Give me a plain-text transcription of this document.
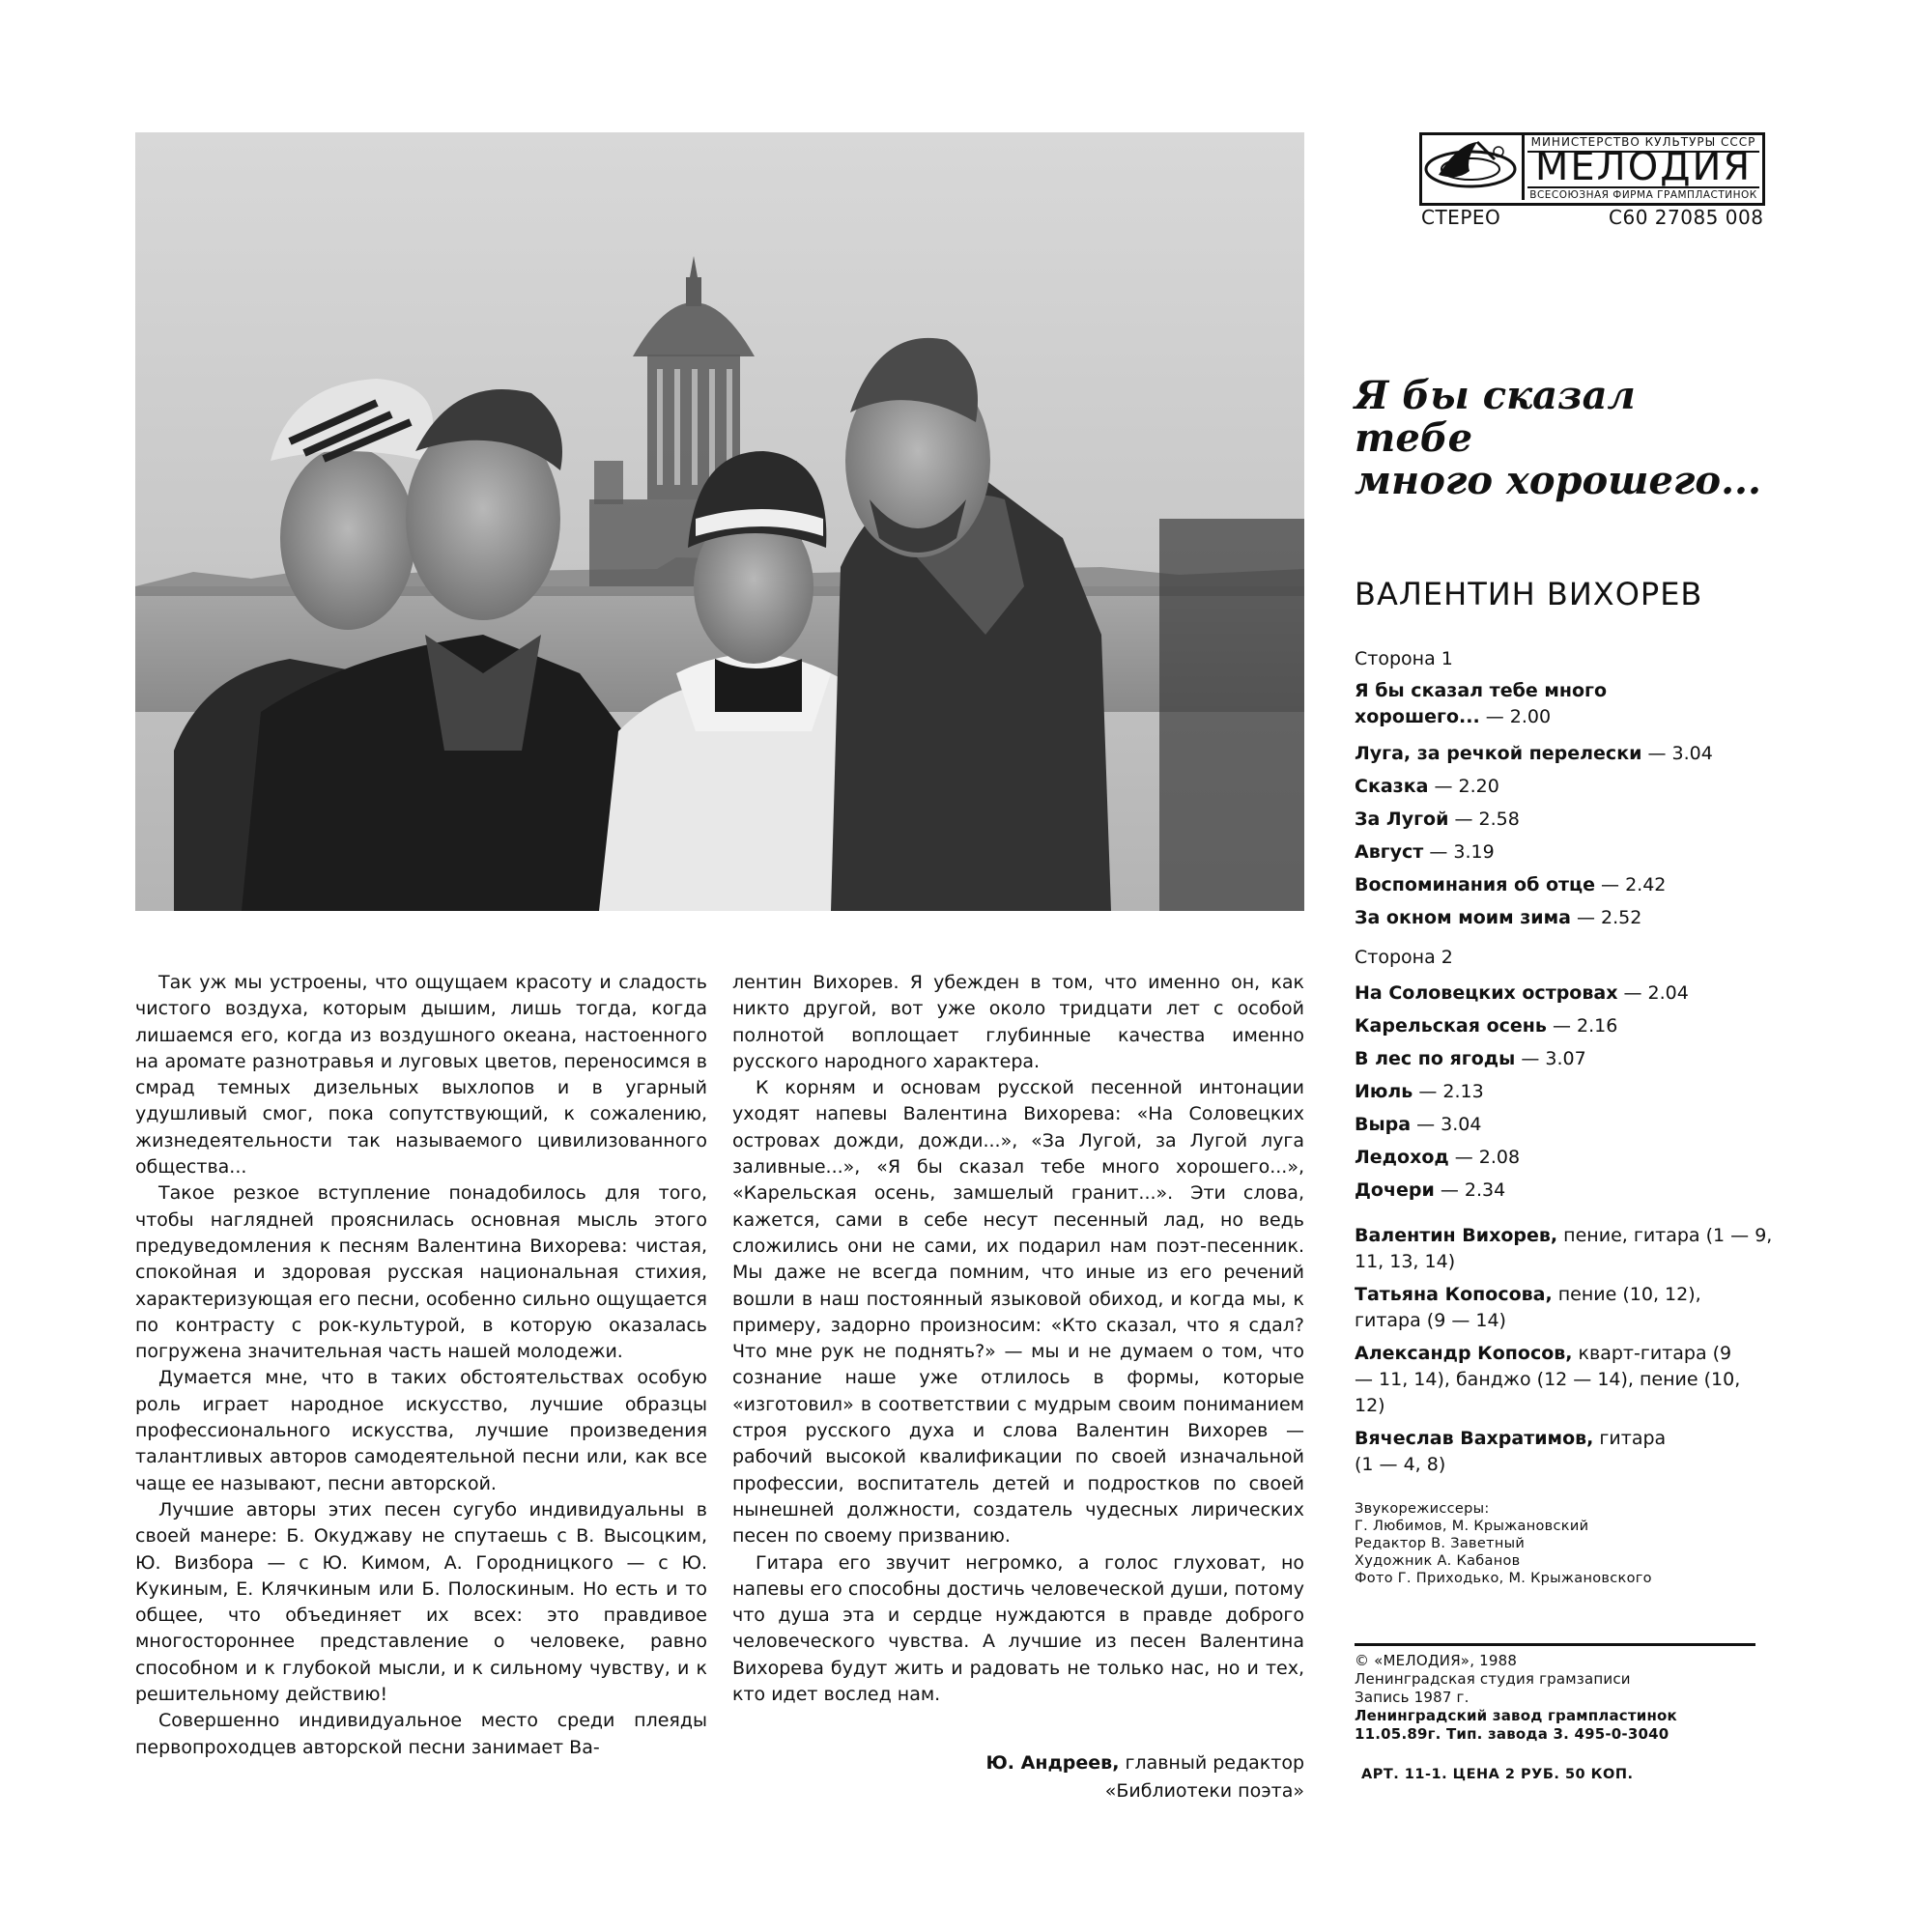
МИНИСТЕРСТВО КУЛЬТУРЫ СССР
МЕЛОДИЯ
ВСЕСОЮЗНАЯ ФИРМА ГРАМПЛАСТИНОК
СТЕРЕО	С60 27085 008
Я бы сказал
тебе
много хорошего...
ВАЛЕНТИН ВИХОРЕВ
Сторона 1
Я бы сказал тебе много хорошего... — 2.00
Луга, за речкой перелески — 3.04
Сказка — 2.20
За Лугой — 2.58
Август — 3.19
Воспоминания об отце — 2.42
За окном моим зима — 2.52
Сторона 2
На Соловецких островах — 2.04
Карельская осень — 2.16
В лес по ягоды — 3.07
Июль — 2.13
Выра — 3.04
Ледоход — 2.08
Дочери — 2.34
Валентин Вихорев, пение, гитара (1 — 9, 11, 13, 14)
Татьяна Копосова, пение (10, 12), гитара (9 — 14)
Александр Копосов, кварт-гитара (9 — 11, 14), банджо (12 — 14), пение (10, 12)
Вячеслав Вахратимов, гитара (1 — 4, 8)
Звукорежиссеры:
Г. Любимов, М. Крыжановский
Редактор В. Заветный
Художник А. Кабанов
Фото Г. Приходько, М. Крыжановского
© «МЕЛОДИЯ», 1988
Ленинградская студия грамзаписи
Запись 1987 г.
Ленинградский завод грампластинок
11.05.89г. Тип. завода 3. 495-0-3040
АРТ. 11-1. ЦЕНА 2 РУБ. 50 КОП.

Так уж мы устроены, что ощущаем красоту и сладость чистого воздуха, которым дышим, лишь тогда, когда лишаемся его, когда из воздушного океана, настоенного на аромате разнотравья и луговых цветов, переносимся в смрад темных дизельных выхлопов и в угарный удушливый смог, пока сопутствующий, к сожалению, жизнедеятельности так называемого цивилизованного общества...

Такое резкое вступление понадобилось для того, чтобы наглядней прояснилась основная мысль этого предуведомления к песням Валентина Вихорева: чистая, спокойная и здоровая русская национальная стихия, характеризующая его песни, особенно сильно ощущается по контрасту с рок-культурой, в которую оказалась погружена значительная часть нашей молодежи.

Думается мне, что в таких обстоятельствах особую роль играет народное искусство, лучшие образцы профессионального искусства, лучшие произведения талантливых авторов самодеятельной песни или, как все чаще ее называют, песни авторской.

Лучшие авторы этих песен сугубо индивидуальны в своей манере: Б. Окуджаву не спутаешь с В. Высоцким, Ю. Визбора — с Ю. Кимом, А. Городницкого — с Ю. Кукиным, Е. Клячкиным или Б. Полоскиным. Но есть и то общее, что объединяет их всех: это правдивое многостороннее представление о человеке, равно способном и к глубокой мысли, и к сильному чувству, и к решительному действию!

Совершенно индивидуальное место среди плеяды первопроходцев авторской песни занимает Ва-

лентин Вихорев. Я убежден в том, что именно он, как никто другой, вот уже около тридцати лет с особой полнотой воплощает глубинные качества именно русского народного характера.

К корням и основам русской песенной интонации уходят напевы Валентина Вихорева: «На Соловецких островах дожди, дожди...», «За Лугой, за Лугой луга заливные...», «Я бы сказал тебе много хорошего...», «Карельская осень, замшелый гранит...». Эти слова, кажется, сами в себе несут песенный лад, но ведь сложились они не сами, их подарил нам поэт-песенник. Мы даже не всегда помним, что иные из его речений вошли в наш постоянный языковой обиход, и когда мы, к примеру, задорно произносим: «Кто сказал, что я сдал? Что мне рук не поднять?» — мы и не думаем о том, что сознание наше уже отлилось в формы, которые «изготовил» в соответствии с мудрым своим пониманием строя русского духа и слова Валентин Вихорев — рабочий высокой квалификации по своей изначальной профессии, воспитатель детей и подростков по своей нынешней должности, создатель чудесных лирических песен по своему призванию.

Гитара его звучит негромко, а голос глуховат, но напевы его способны достичь человеческой души, потому что душа эта и сердце нуждаются в правде доброго человеческого чувства. А лучшие из песен Валентина Вихорева будут жить и радовать не только нас, но и тех, кто идет вослед нам.

Ю. Андреев, главный редактор
«Библиотеки поэта»
